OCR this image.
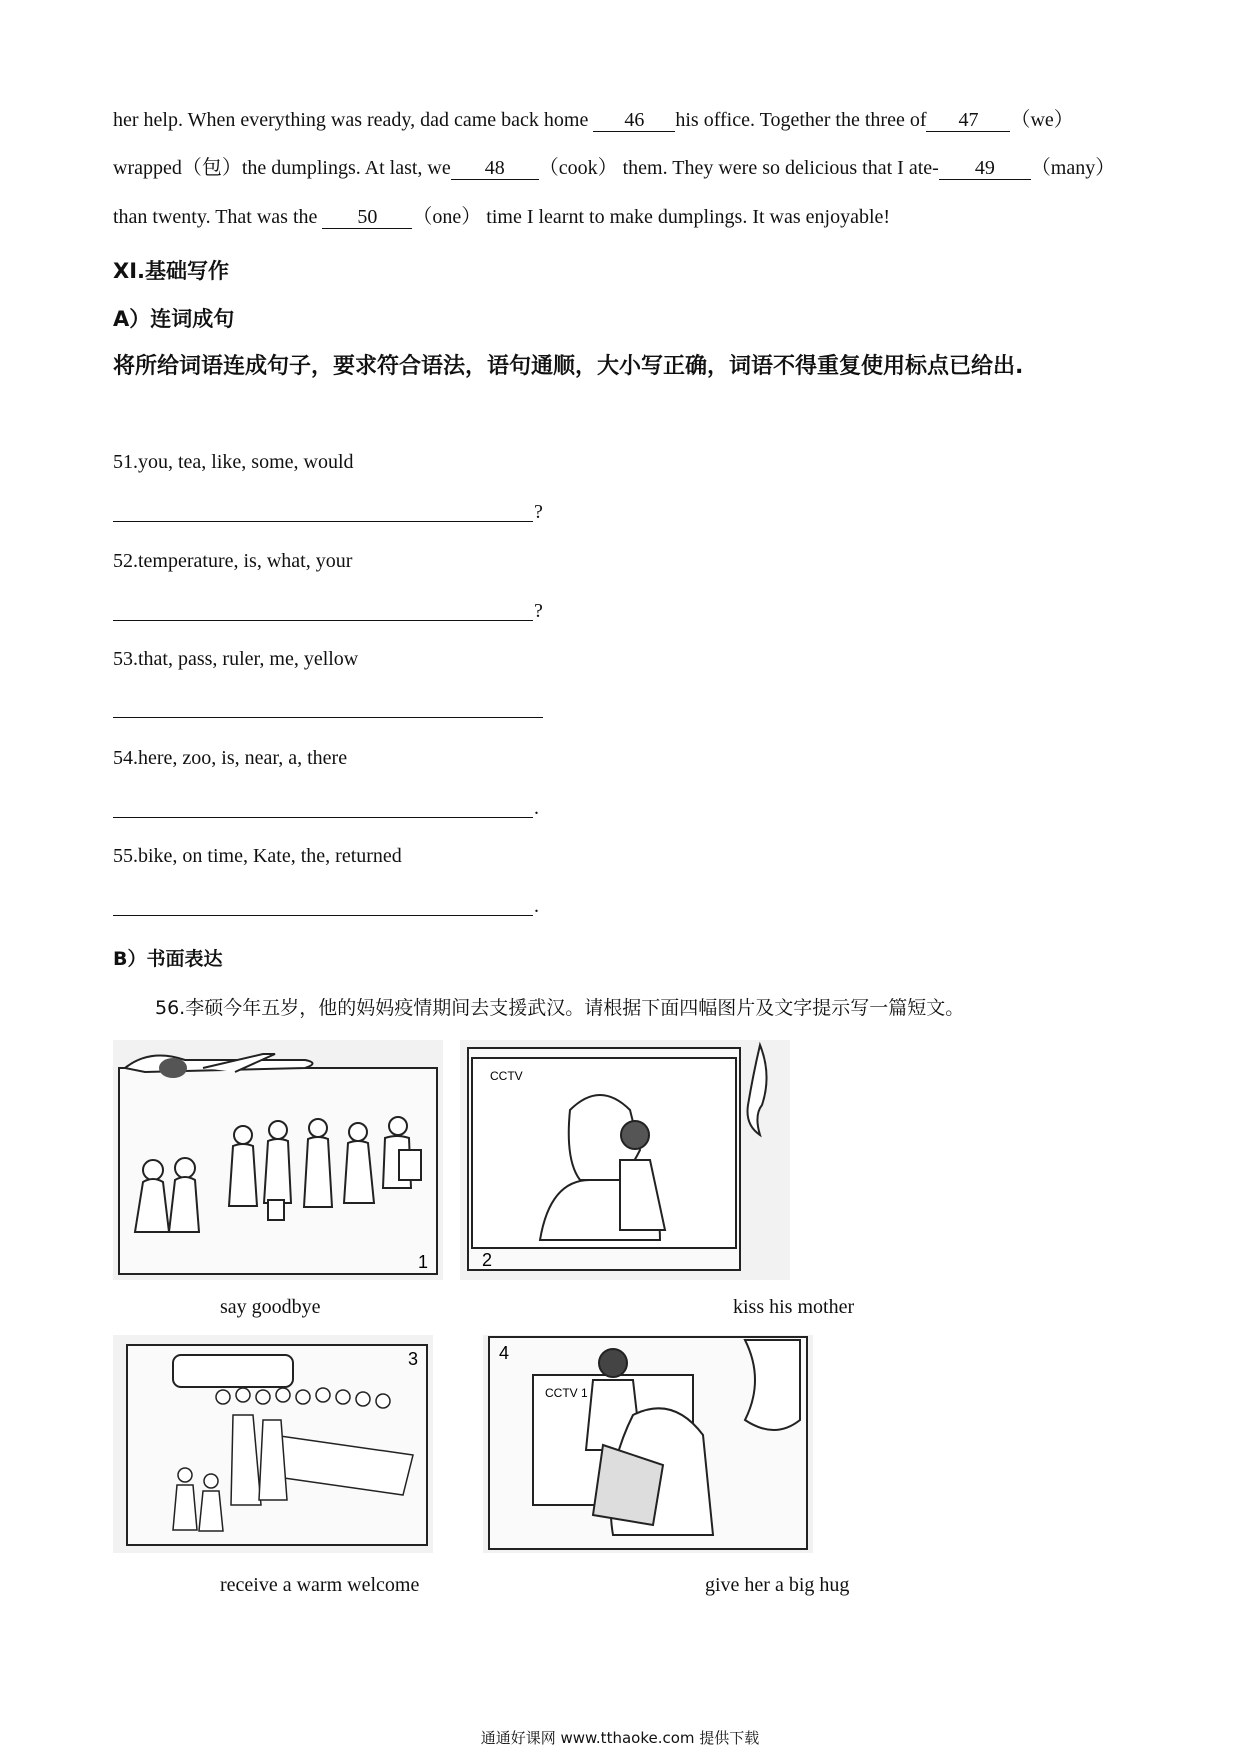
her help. When everything was ready, dad came back home 46 his office. Together the three of 47 （we）
wrapped（包）the dumplings. At last, we 48 （cook） them. They were so delicious that I ate- 49 （many）
than twenty. That was the 50 （one） time I learnt to make dumplings. It was enjoyable!
XI.基础写作
A）连词成句
将所给词语连成句子，要求符合语法，语句通顺，大小写正确，词语不得重复使用标点已给出.
51.you, tea, like, some, would
?
52.temperature, is, what, your
?
53.that, pass, ruler, me, yellow
54.here, zoo, is, near, a, there
.
55.bike, on time, Kate, the, returned
.
B）书面表达
56.李硕今年五岁，他的妈妈疫情期间去支援武汉。请根据下面四幅图片及文字提示写一篇短文。
1
CCTV
2
say goodbye	kiss his mother
3
CCTV 1
4
receive a warm welcome	give her a big hug
通通好课网 www.tthaoke.com 提供下载
